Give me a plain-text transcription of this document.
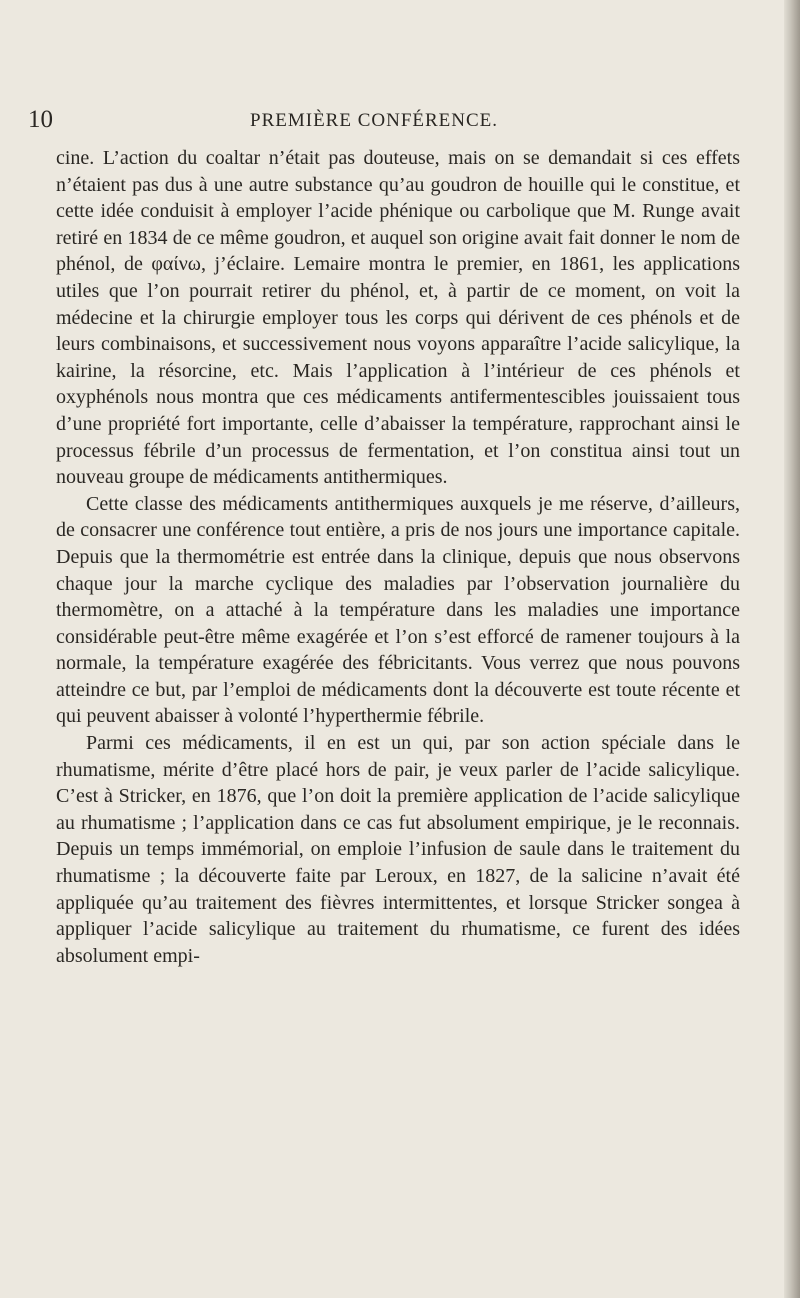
10	PREMIÈRE CONFÉRENCE.

cine. L’action du coaltar n’était pas douteuse, mais on se demandait si ces effets n’étaient pas dus à une autre substance qu’au goudron de houille qui le constitue, et cette idée conduisit à employer l’acide phénique ou carbolique que M. Runge avait retiré en 1834 de ce même goudron, et auquel son origine avait fait donner le nom de phénol, de φαίνω, j’éclaire. Lemaire montra le premier, en 1861, les applications utiles que l’on pourrait retirer du phénol, et, à partir de ce moment, on voit la médecine et la chirurgie employer tous les corps qui dérivent de ces phénols et de leurs combinaisons, et successivement nous voyons apparaître l’acide salicylique, la kairine, la résorcine, etc. Mais l’application à l’intérieur de ces phénols et oxyphénols nous montra que ces médicaments antifermentescibles jouissaient tous d’une propriété fort importante, celle d’abaisser la température, rapprochant ainsi le processus fébrile d’un processus de fermentation, et l’on constitua ainsi tout un nouveau groupe de médicaments antithermiques.

Cette classe des médicaments antithermiques auxquels je me réserve, d’ailleurs, de consacrer une conférence tout entière, a pris de nos jours une importance capitale. Depuis que la thermométrie est entrée dans la clinique, depuis que nous observons chaque jour la marche cyclique des maladies par l’observation journalière du thermomètre, on a attaché à la température dans les maladies une importance considérable peut-être même exagérée et l’on s’est efforcé de ramener toujours à la normale, la température exagérée des fébricitants. Vous verrez que nous pouvons atteindre ce but, par l’emploi de médicaments dont la découverte est toute récente et qui peuvent abaisser à volonté l’hyperthermie fébrile.

Parmi ces médicaments, il en est un qui, par son action spéciale dans le rhumatisme, mérite d’être placé hors de pair, je veux parler de l’acide salicylique. C’est à Stricker, en 1876, que l’on doit la première application de l’acide salicylique au rhumatisme ; l’application dans ce cas fut absolument empirique, je le reconnais. Depuis un temps immémorial, on emploie l’infusion de saule dans le traitement du rhumatisme ; la découverte faite par Leroux, en 1827, de la salicine n’avait été appliquée qu’au traitement des fièvres intermittentes, et lorsque Stricker songea à appliquer l’acide salicylique au traitement du rhumatisme, ce furent des idées absolument empi-
